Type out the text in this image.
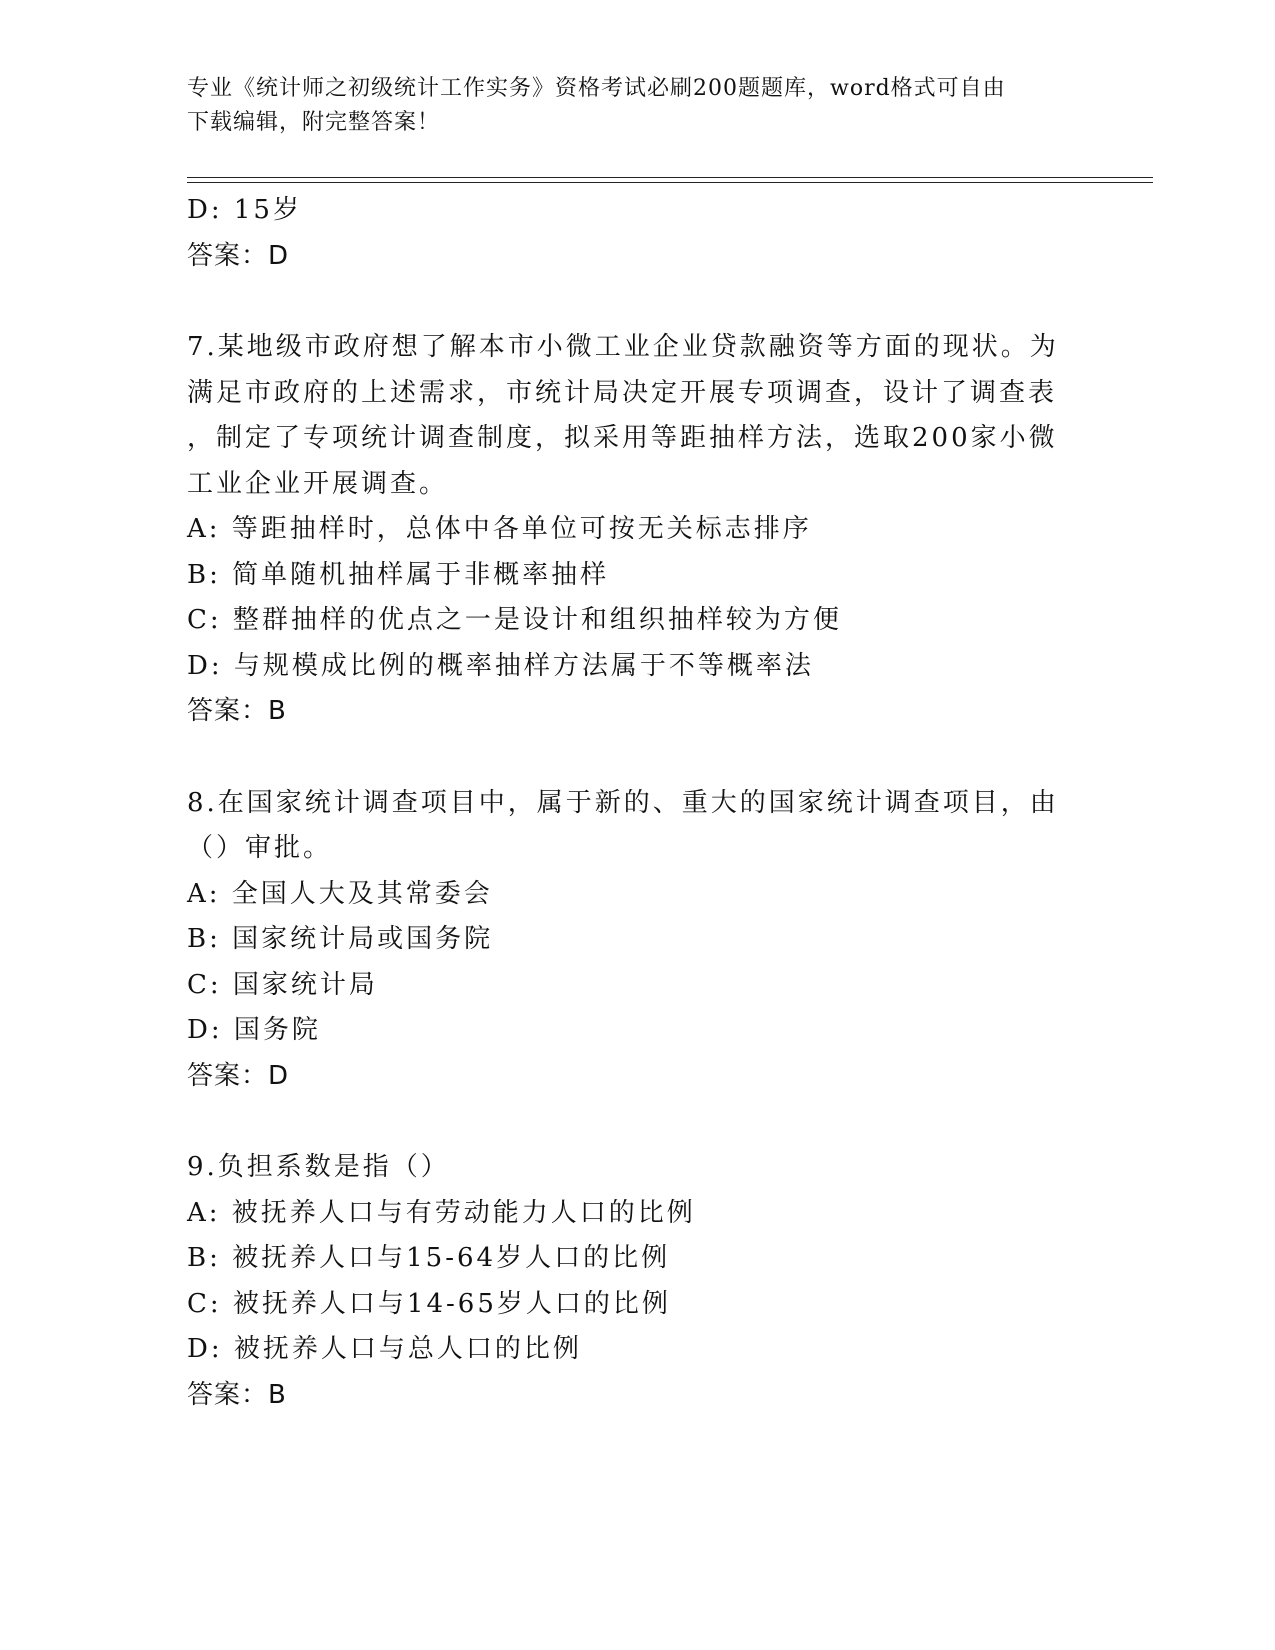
专业《统计师之初级统计工作实务》资格考试必刷200题题库，word格式可自由
下载编辑，附完整答案！
D: 15岁
答案：D
7.某地级市政府想了解本市小微工业企业贷款融资等方面的现状。为
满足市政府的上述需求，市统计局决定开展专项调查，设计了调查表
，制定了专项统计调查制度，拟采用等距抽样方法，选取200家小微
工业企业开展调查。
A: 等距抽样时，总体中各单位可按无关标志排序
B: 简单随机抽样属于非概率抽样
C: 整群抽样的优点之一是设计和组织抽样较为方便
D: 与规模成比例的概率抽样方法属于不等概率法
答案：B
8.在国家统计调查项目中，属于新的、重大的国家统计调查项目，由
（）审批。
A: 全国人大及其常委会
B: 国家统计局或国务院
C: 国家统计局
D: 国务院
答案：D
9.负担系数是指（）
A: 被抚养人口与有劳动能力人口的比例
B: 被抚养人口与15-64岁人口的比例
C: 被抚养人口与14-65岁人口的比例
D: 被抚养人口与总人口的比例
答案：B
